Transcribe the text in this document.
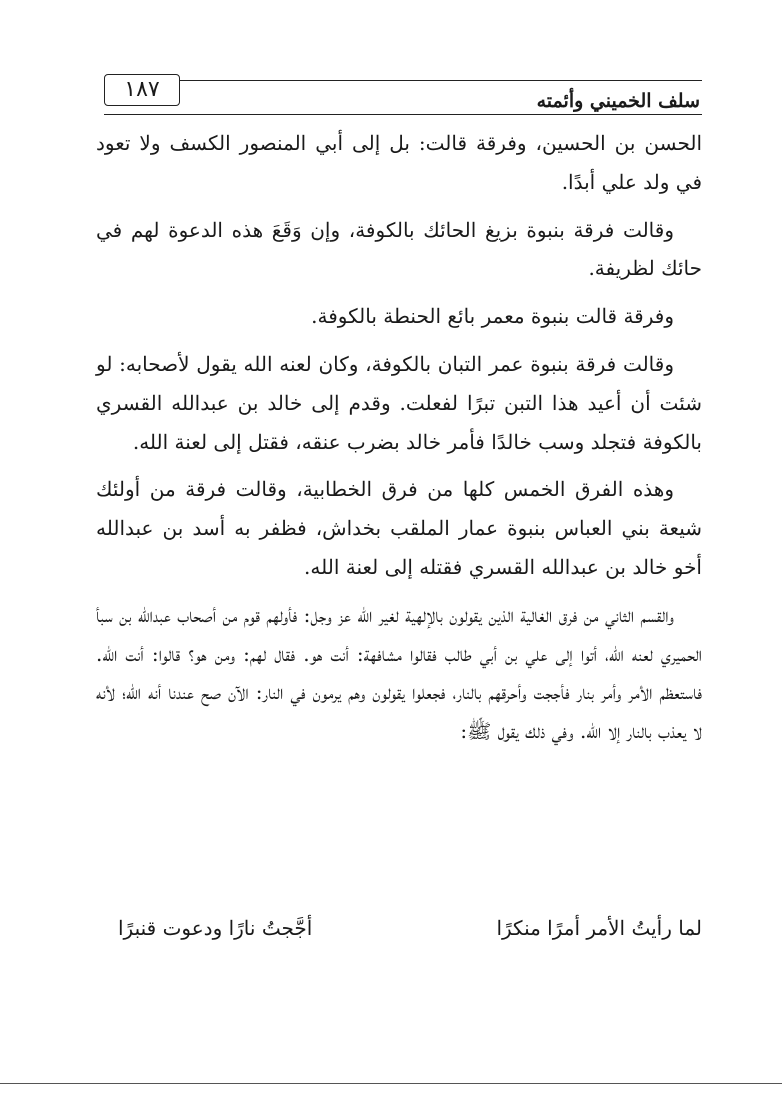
١٨٧	سلف الخميني وأئمته

الحسن بن الحسين، وفرقة قالت: بل إلى أبي المنصور الكسف ولا تعود في ولد علي أبدًا.

وقالت فرقة بنبوة بزيغ الحائك بالكوفة، وإن وَقَعَ هذه الدعوة لهم في حائك لظريفة.

وفرقة قالت بنبوة معمر بائع الحنطة بالكوفة.

وقالت فرقة بنبوة عمر التبان بالكوفة، وكان لعنه الله يقول لأصحابه: لو شئت أن أعيد هذا التبن تبرًا لفعلت. وقدم إلى خالد بن عبدالله القسري بالكوفة فتجلد وسب خالدًا فأمر خالد بضرب عنقه، فقتل إلى لعنة الله.

وهذه الفرق الخمس كلها من فرق الخطابية، وقالت فرقة من أولئك شيعة بني العباس بنبوة عمار الملقب بخداش، فظفر به أسد بن عبدالله أخو خالد بن عبدالله القسري فقتله إلى لعنة الله.

والقسم الثاني من فرق الغالية الذين يقولون بالإلهية لغير الله عز وجل: فأولهم قوم من أصحاب عبدالله بن سبأ الحميري لعنه الله، أتوا إلى علي بن أبي طالب فقالوا مشافهة: أنت هو. فقال لهم: ومن هو؟ قالوا: أنت الله. فاستعظم الأمر وأمر بنار فأججت وأحرقهم بالنار، فجعلوا يقولون وهم يرمون في النار: الآن صح عندنا أنه الله؛ لأنه لا يعذب بالنار إلا الله. وفي ذلك يقول ﷺ:

لما رأيتُ الأمر أمرًا منكرًا
أجَّجتُ نارًا ودعوت قنبرًا
